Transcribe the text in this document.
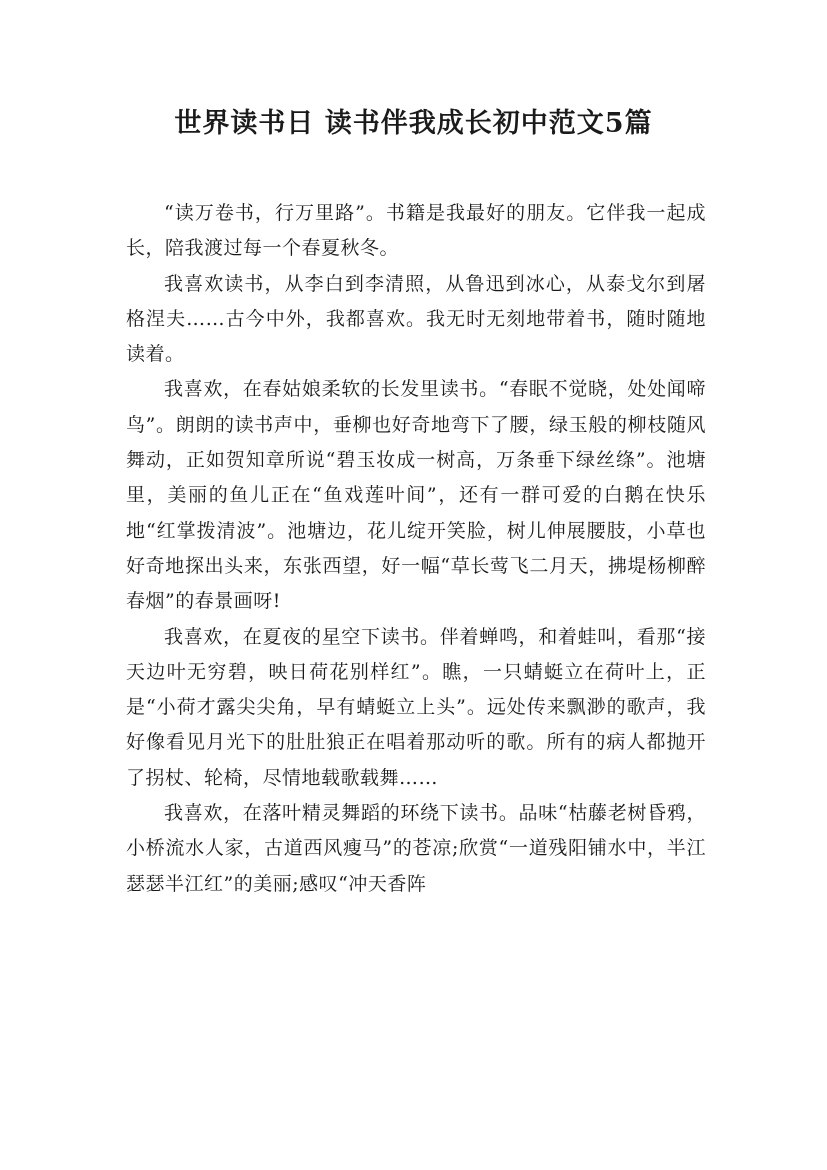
世界读书日 读书伴我成长初中范文5篇

“读万卷书，行万里路”。书籍是我最好的朋友。它伴我一起成长，陪我渡过每一个春夏秋冬。

我喜欢读书，从李白到李清照，从鲁迅到冰心，从泰戈尔到屠格涅夫……古今中外，我都喜欢。我无时无刻地带着书，随时随地读着。

我喜欢，在春姑娘柔软的长发里读书。“春眠不觉晓，处处闻啼鸟”。朗朗的读书声中，垂柳也好奇地弯下了腰，绿玉般的柳枝随风舞动，正如贺知章所说“碧玉妆成一树高，万条垂下绿丝绦”。池塘里，美丽的鱼儿正在“鱼戏莲叶间”，还有一群可爱的白鹅在快乐地“红掌拨清波”。池塘边，花儿绽开笑脸，树儿伸展腰肢，小草也好奇地探出头来，东张西望，好一幅“草长莺飞二月天，拂堤杨柳醉春烟”的春景画呀!

我喜欢，在夏夜的星空下读书。伴着蝉鸣，和着蛙叫，看那“接天边叶无穷碧，映日荷花别样红”。瞧，一只蜻蜓立在荷叶上，正是“小荷才露尖尖角，早有蜻蜓立上头”。远处传来飘渺的歌声，我好像看见月光下的肚肚狼正在唱着那动听的歌。所有的病人都抛开了拐杖、轮椅，尽情地载歌载舞……

我喜欢，在落叶精灵舞蹈的环绕下读书。品味“枯藤老树昏鸦，小桥流水人家，古道西风瘦马”的苍凉;欣赏“一道残阳铺水中，半江瑟瑟半江红”的美丽;感叹“冲天香阵
